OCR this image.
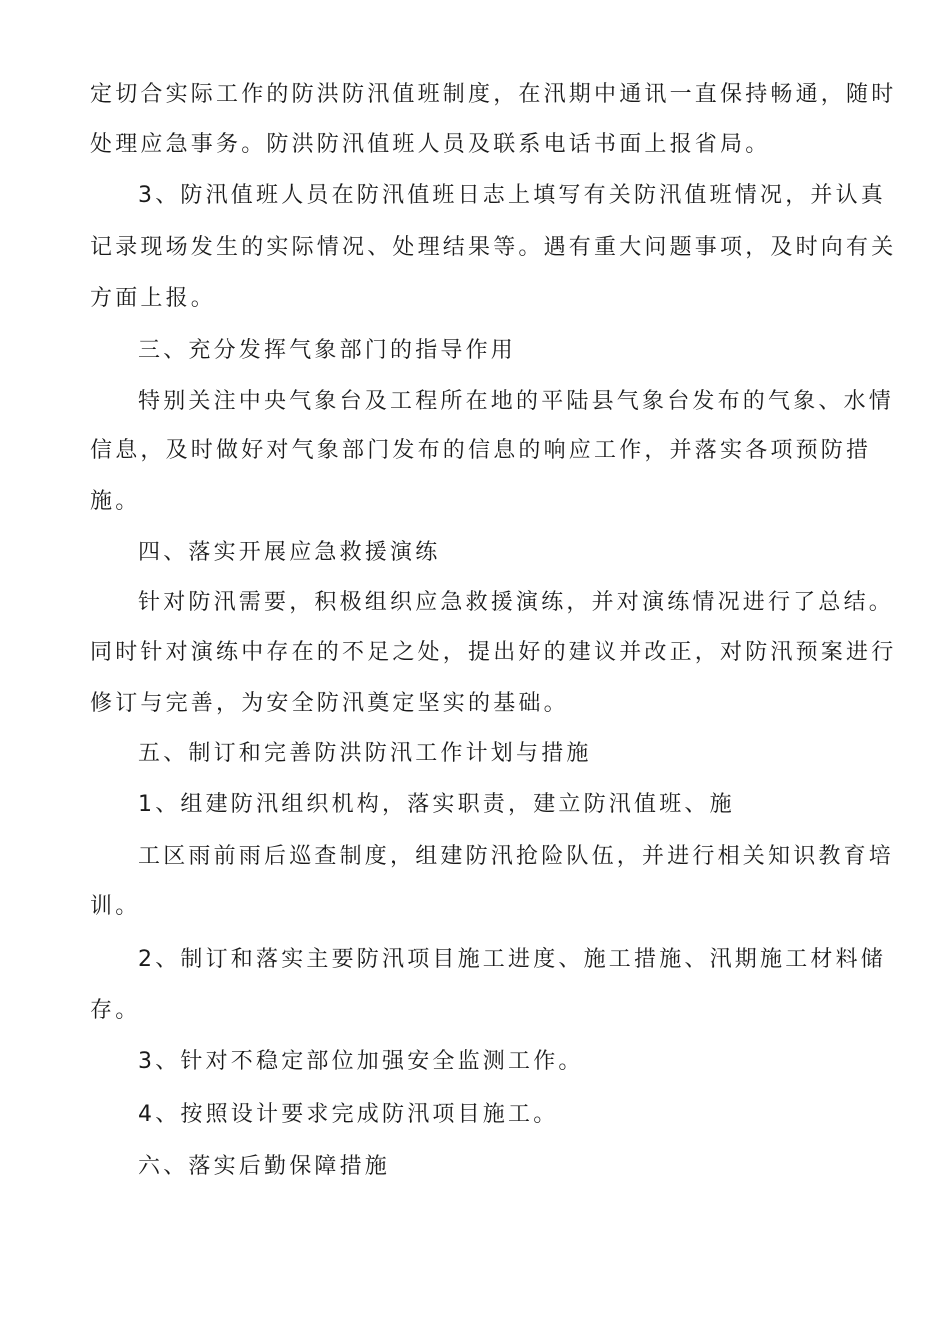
定切合实际工作的防洪防汛值班制度，在汛期中通讯一直保持畅通，随时
处理应急事务。防洪防汛值班人员及联系电话书面上报省局。
3、防汛值班人员在防汛值班日志上填写有关防汛值班情况，并认真
记录现场发生的实际情况、处理结果等。遇有重大问题事项，及时向有关
方面上报。
三、充分发挥气象部门的指导作用
特别关注中央气象台及工程所在地的平陆县气象台发布的气象、水情
信息，及时做好对气象部门发布的信息的响应工作，并落实各项预防措
施。
四、落实开展应急救援演练
针对防汛需要，积极组织应急救援演练，并对演练情况进行了总结。
同时针对演练中存在的不足之处，提出好的建议并改正，对防汛预案进行
修订与完善，为安全防汛奠定坚实的基础。
五、制订和完善防洪防汛工作计划与措施
1、组建防汛组织机构，落实职责，建立防汛值班、施
工区雨前雨后巡查制度，组建防汛抢险队伍，并进行相关知识教育培
训。
2、制订和落实主要防汛项目施工进度、施工措施、汛期施工材料储
存。
3、针对不稳定部位加强安全监测工作。
4、按照设计要求完成防汛项目施工。
六、落实后勤保障措施
